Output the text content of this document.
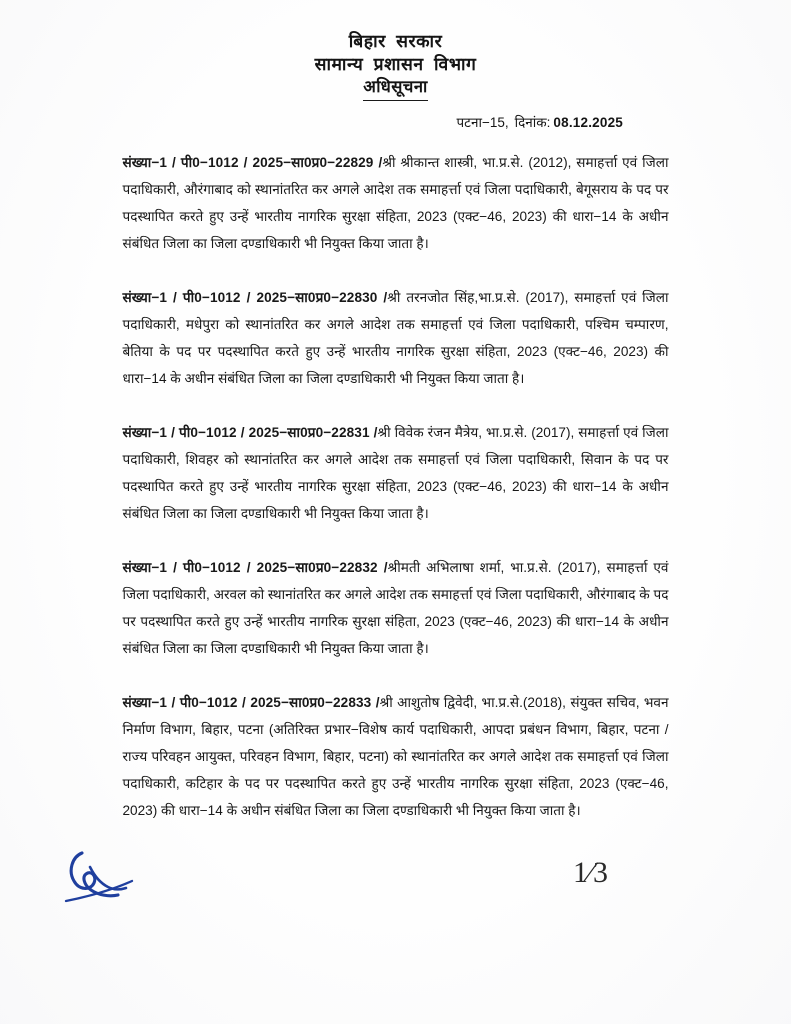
बिहार सरकार
सामान्य प्रशासन विभाग
अधिसूचना
पटना−15, दिनांक: 08.12.2025

संख्या−1 / पी0−1012 / 2025−सा0प्र0−22829 /श्री श्रीकान्त शास्त्री, भा.प्र.से. (2012), समाहर्त्ता एवं जिला पदाधिकारी, औरंगाबाद को स्थानांतरित कर अगले आदेश तक समाहर्त्ता एवं जिला पदाधिकारी, बेगूसराय के पद पर पदस्थापित करते हुए उन्हें भारतीय नागरिक सुरक्षा संहिता, 2023 (एक्ट−46, 2023) की धारा−14 के अधीन संबंधित जिला का जिला दण्डाधिकारी भी नियुक्त किया जाता है।

संख्या−1 / पी0−1012 / 2025−सा0प्र0−22830 /श्री तरनजोत सिंह,भा.प्र.से. (2017), समाहर्त्ता एवं जिला पदाधिकारी, मधेपुरा को स्थानांतरित कर अगले आदेश तक समाहर्त्ता एवं जिला पदाधिकारी, पश्चिम चम्पारण, बेतिया के पद पर पदस्थापित करते हुए उन्हें भारतीय नागरिक सुरक्षा संहिता, 2023 (एक्ट−46, 2023) की धारा−14 के अधीन संबंधित जिला का जिला दण्डाधिकारी भी नियुक्त किया जाता है।

संख्या−1 / पी0−1012 / 2025−सा0प्र0−22831 /श्री विवेक रंजन मैत्रेय, भा.प्र.से. (2017), समाहर्त्ता एवं जिला पदाधिकारी, शिवहर को स्थानांतरित कर अगले आदेश तक समाहर्त्ता एवं जिला पदाधिकारी, सिवान के पद पर पदस्थापित करते हुए उन्हें भारतीय नागरिक सुरक्षा संहिता, 2023 (एक्ट−46, 2023) की धारा−14 के अधीन संबंधित जिला का जिला दण्डाधिकारी भी नियुक्त किया जाता है।

संख्या−1 / पी0−1012 / 2025−सा0प्र0−22832 /श्रीमती अभिलाषा शर्मा, भा.प्र.से. (2017), समाहर्त्ता एवं जिला पदाधिकारी, अरवल को स्थानांतरित कर अगले आदेश तक समाहर्त्ता एवं जिला पदाधिकारी, औरंगाबाद के पद पर पदस्थापित करते हुए उन्हें भारतीय नागरिक सुरक्षा संहिता, 2023 (एक्ट−46, 2023) की धारा−14 के अधीन संबंधित जिला का जिला दण्डाधिकारी भी नियुक्त किया जाता है।

संख्या−1 / पी0−1012 / 2025−सा0प्र0−22833 /श्री आशुतोष द्विवेदी, भा.प्र.से.(2018), संयुक्त सचिव, भवन निर्माण विभाग, बिहार, पटना (अतिरिक्त प्रभार−विशेष कार्य पदाधिकारी, आपदा प्रबंधन विभाग, बिहार, पटना / राज्य परिवहन आयुक्त, परिवहन विभाग, बिहार, पटना) को स्थानांतरित कर अगले आदेश तक समाहर्त्ता एवं जिला पदाधिकारी, कटिहार के पद पर पदस्थापित करते हुए उन्हें भारतीय नागरिक सुरक्षा संहिता, 2023 (एक्ट−46, 2023) की धारा−14 के अधीन संबंधित जिला का जिला दण्डाधिकारी भी नियुक्त किया जाता है।

1⁄3
